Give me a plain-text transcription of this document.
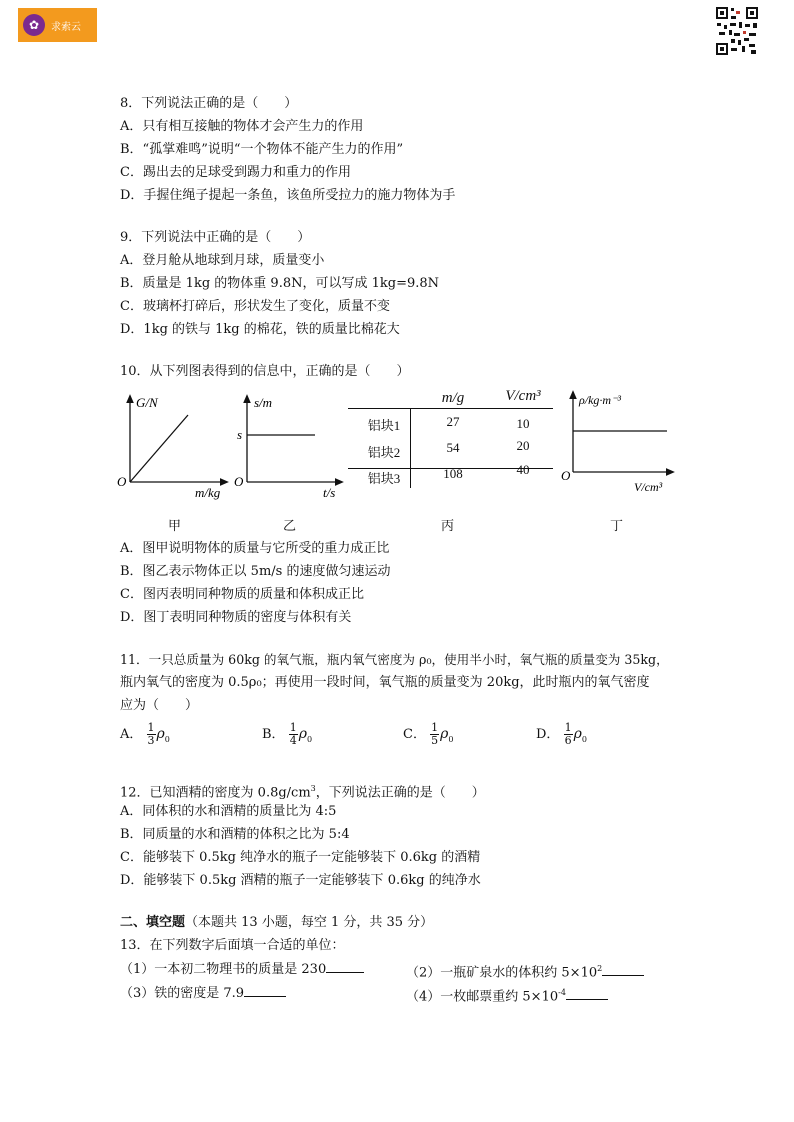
✿	求索云
8．下列说法正确的是（　　）
A．只有相互接触的物体才会产生力的作用
B．“孤掌难鸣”说明“一个物体不能产生力的作用”
C．踢出去的足球受到踢力和重力的作用
D．手握住绳子提起一条鱼，该鱼所受拉力的施力物体为手
9．下列说法中正确的是（　　）
A．登月舱从地球到月球，质量变小
B．质量是 1kg 的物体重 9.8N，可以写成 1kg=9.8N
C．玻璃杯打碎后，形状发生了变化，质量不变
D．1kg 的铁与 1kg 的棉花，铁的质量比棉花大
10．从下列图表得到的信息中，正确的是（　　）
G/N
O
m/kg
s/m
s
O
t/s
m/g	V/cm³
铝块1	27	10
铝块2	54	20
铝块3	108	40
ρ/kg·m⁻³
O
V/cm³
甲	乙	丙	丁
A．图甲说明物体的质量与它所受的重力成正比
B．图乙表示物体正以 5m/s 的速度做匀速运动
C．图丙表明同种物质的质量和体积成正比
D．图丁表明同种物质的密度与体积有关
11．一只总质量为 60kg 的氧气瓶，瓶内氧气密度为 ρ₀，使用半小时，氧气瓶的质量变为 35kg，
瓶内氧气的密度为 0.5ρ₀；再使用一段时间，氧气瓶的质量变为 20kg，此时瓶内的氧气密度
应为（　　）
A． $\frac{1}{3} \rho_0$	B． $\frac{1}{4} \rho_0$	C． $\frac{1}{5} \rho_0$	D． $\frac{1}{6} \rho_0$
12．已知酒精的密度为 $0.8g/cm^3$，下列说法正确的是（　　）
A．同体积的水和酒精的质量比为 4:5
B．同质量的水和酒精的体积之比为 5:4
C．能够装下 0.5kg 纯净水的瓶子一定能够装下 0.6kg 的酒精
D．能够装下 0.5kg 酒精的瓶子一定能够装下 0.6kg 的纯净水
二、填空题（本题共 13 小题，每空 1 分，共 35 分）
13．在下列数字后面填一合适的单位：
（1）一本初二物理书的质量是 230	（2）一瓶矿泉水的体积约 $5\times 10^2$
（3）铁的密度是 7.9	（4）一枚邮票重约 $5\times 10^{-4}$
